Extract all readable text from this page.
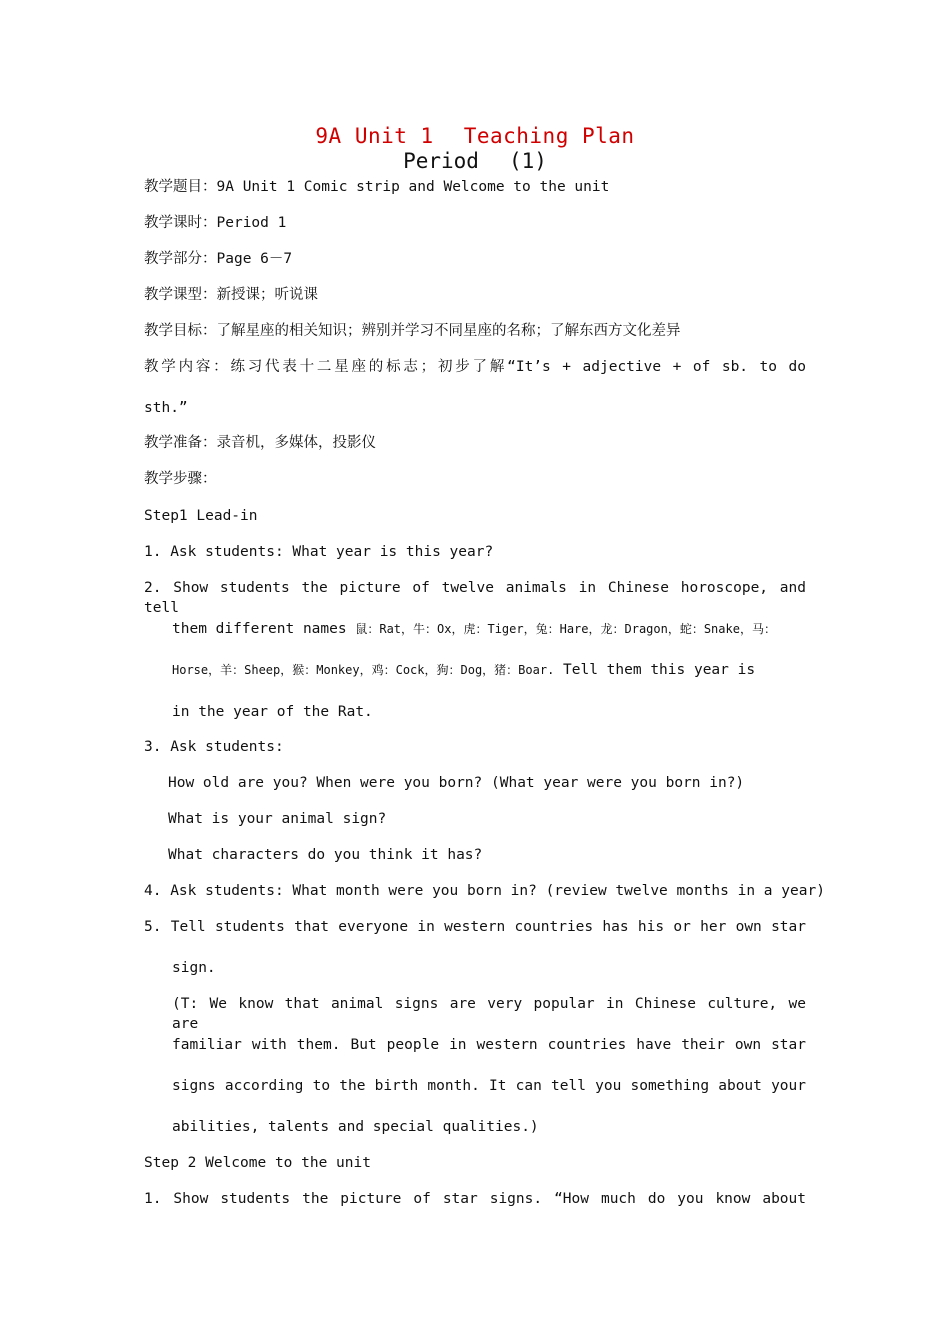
9A Unit 1 Teaching Plan
Period (1)
教学题目：9A Unit 1 Comic strip and Welcome to the unit
教学课时：Period 1
教学部分：Page 6－7
教学课型：新授课；听说课
教学目标：了解星座的相关知识；辨别并学习不同星座的名称；了解东西方文化差异
教学内容：练习代表十二星座的标志；初步了解“It’s + adjective + of sb. to do
sth.”
教学准备：录音机，多媒体，投影仪
教学步骤：
Step1 Lead-in
1. Ask students: What year is this year?
2. Show students the picture of twelve animals in Chinese horoscope, and tell
them different names 鼠：Rat，牛：Ox，虎：Tiger，兔：Hare，龙：Dragon，蛇：Snake，马：
Horse，羊：Sheep，猴：Monkey，鸡：Cock，狗：Dog，猪：Boar. Tell them this year is
in the year of the Rat.
3. Ask students:
How old are you? When were you born? (What year were you born in?)
What is your animal sign?
What characters do you think it has?
4. Ask students: What month were you born in? (review twelve months in a year)
5. Tell students that everyone in western countries has his or her own star
sign.
(T: We know that animal signs are very popular in Chinese culture, we are
familiar with them. But people in western countries have their own star
signs according to the birth month. It can tell you something about your
abilities, talents and special qualities.)
Step 2 Welcome to the unit
1. Show students the picture of star signs. “How much do you know about
